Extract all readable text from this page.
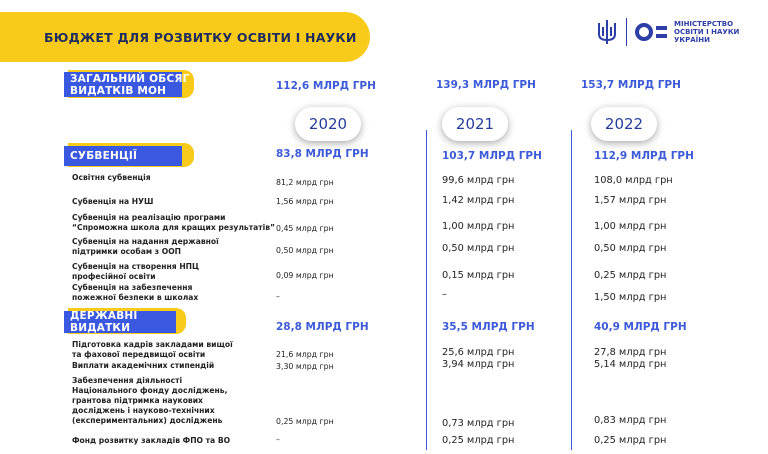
БЮДЖЕТ ДЛЯ РОЗВИТКУ ОСВІТИ І НАУКИ
МІНІСТЕРСТВО
ОСВІТИ І НАУКИ
УКРАЇНИ
ЗАГАЛЬНИЙ ОБСЯГ
ВИДАТКІВ МОН	112,6 МЛРД ГРН	139,3 МЛРД ГРН	153,7 МЛРД ГРН
2020	2021	2022
СУБВЕНЦІЇ	83,8 МЛРД ГРН	103,7 МЛРД ГРН	112,9 МЛРД ГРН
Освітня субвенція
81,2 млрд грн	99,6 млрд грн	108,0 млрд грн
Субвенція на НУШ	1,56 млрд грн	1,42 млрд грн	1,57 млрд грн
Субвенція на реалізацію програми
“Спроможна школа для кращих результатів” 0,45 млрд грн	1,00 млрд грн	1,00 млрд грн
Субвенція на надання державної
підтримки особам з ООП	0,50 млрд грн	0,50 млрд грн	0,50 млрд грн
Субвенція на створення НПЦ
професійної освіти	0,09 млрд грн	0,15 млрд грн	0,25 млрд грн
Субвенція на забезпечення
пожежної безпеки в школах	–	–	1,50 млрд грн
ДЕРЖАВНІ
ВИДАТКИ	28,8 МЛРД ГРН	35,5 МЛРД ГРН	40,9 МЛРД ГРН
Підготовка кадрів закладами вищої
та фахової передвищої освіти	21,6 млрд грн	25,6 млрд грн	27,8 млрд грн
Виплати академічних стипендій	3,30 млрд грн	3,94 млрд грн	5,14 млрд грн
Забезпечення діяльності
Національного фонду досліджень,
грантова підтримка наукових
досліджень і науково-технічних
(експериментальних) досліджень	0,25 млрд грн	0,73 млрд грн	0,83 млрд грн
Фонд розвитку закладів ФПО та ВО	–	0,25 млрд грн	0,25 млрд грн
